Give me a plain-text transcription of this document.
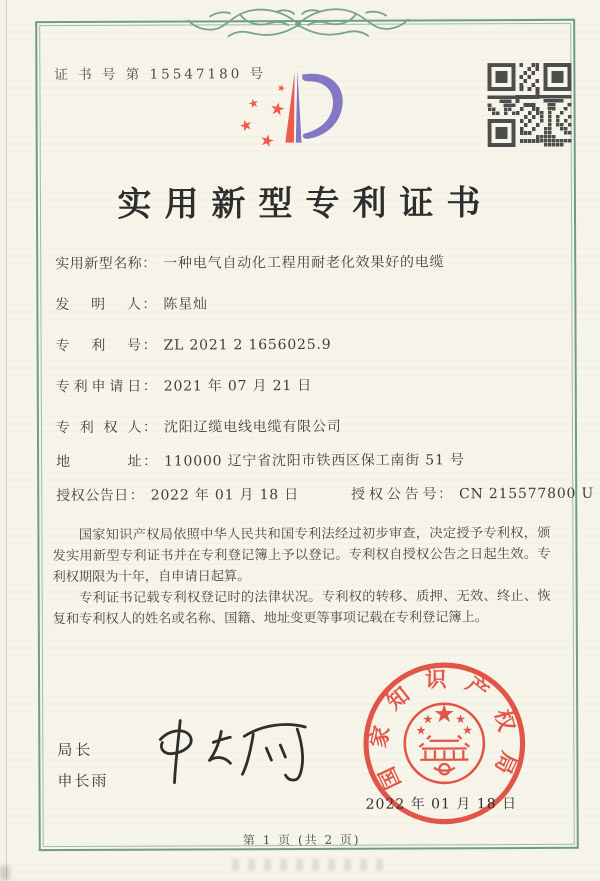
证 书 号 第 15547180 号
实用新型专利证书
实用新型名称 ： 一种电气自动化工程用耐老化效果好的电缆
发明人 ： 陈星灿
专利号 ： ZL 2021 2 1656025.9
专利申请日 ： 2021 年 07 月 21 日
专利权人 ： 沈阳辽缆电线电缆有限公司
地址 ： 110000 辽宁省沈阳市铁西区保工南街 51 号
授权公告日 ： 2022 年 01 月 18 日	授权公告号 ： CN 215577800 U

国家知识产权局依照中华人民共和国专利法经过初步审查，决定授予专利权，颁发实用新型专利证书并在专利登记簿上予以登记。专利权自授权公告之日起生效。专利权期限为十年，自申请日起算。

专利证书记载专利权登记时的法律状况。专利权的转移、质押、无效、终止、恢复和专利权人的姓名或名称、国籍、地址变更等事项记载在专利登记簿上。

局长
申长雨	国家知识产权局
2022 年 01 月 18 日
第 1 页 (共 2 页)
